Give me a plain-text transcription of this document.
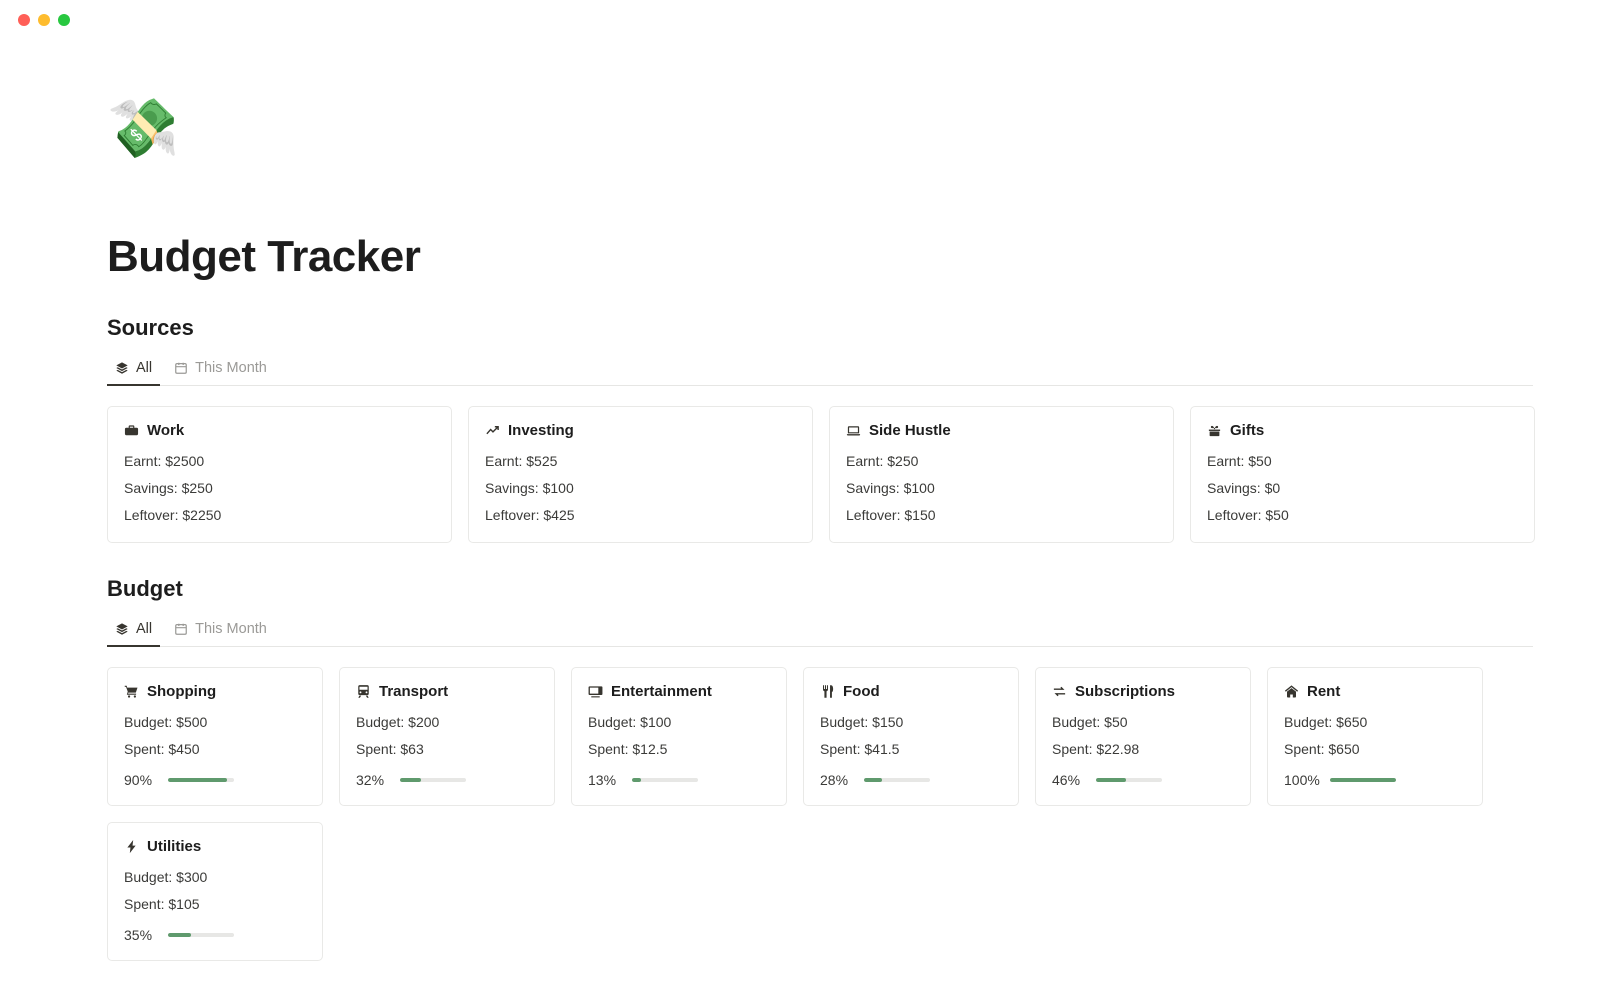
💸
Budget Tracker
Sources
All	This Month
Work
Earnt: $2500
Savings: $250
Leftover: $2250
Investing
Earnt: $525
Savings: $100
Leftover: $425
Side Hustle
Earnt: $250
Savings: $100
Leftover: $150
Gifts
Earnt: $50
Savings: $0
Leftover: $50
Budget
All	This Month
Shopping
Budget: $500
Spent: $450
90%
Transport
Budget: $200
Spent: $63
32%
Entertainment
Budget: $100
Spent: $12.5
13%
Food
Budget: $150
Spent: $41.5
28%
Subscriptions
Budget: $50
Spent: $22.98
46%
Rent
Budget: $650
Spent: $650
100%
Utilities
Budget: $300
Spent: $105
35%
